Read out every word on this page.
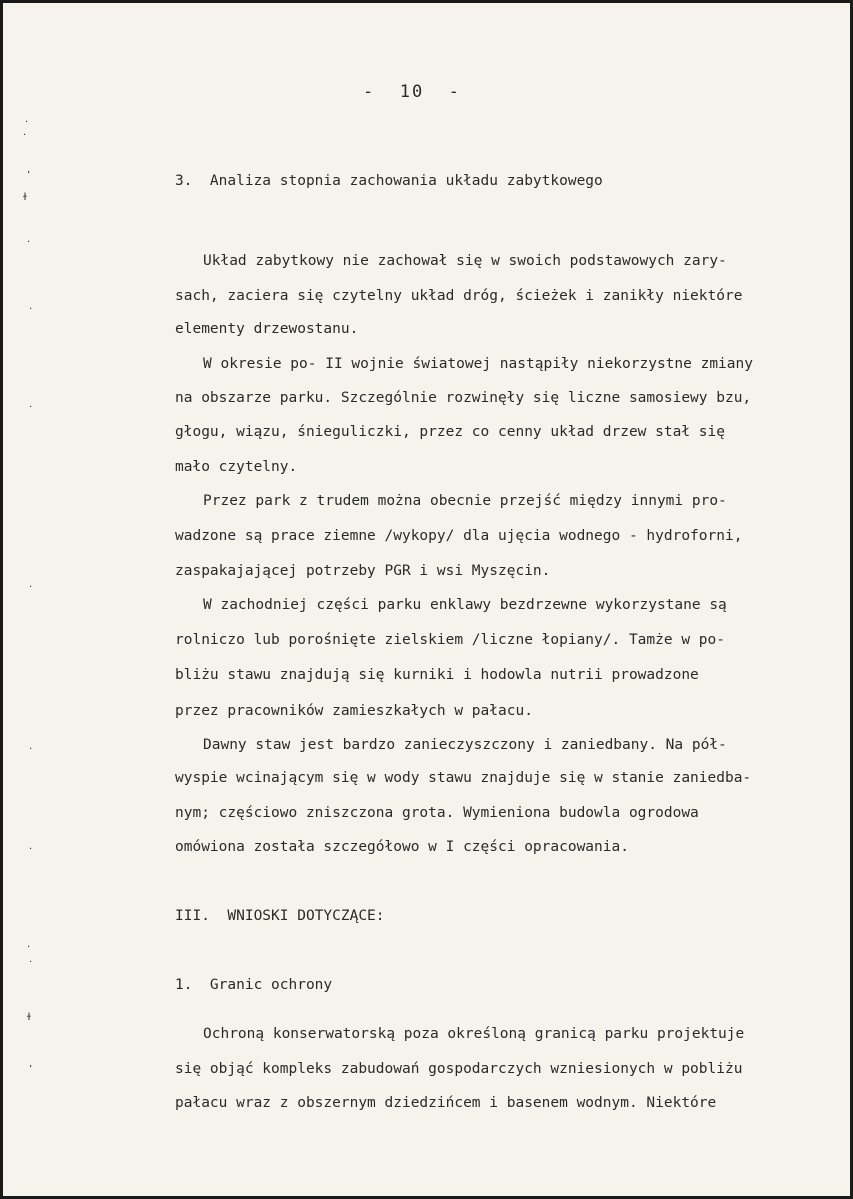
-  10  -
3.  Analiza stopnia zachowania układu zabytkowego
Układ zabytkowy nie zachował się w swoich podstawowych zary-
sach, zaciera się czytelny układ dróg, ścieżek i zanikły niektóre
elementy drzewostanu.
W okresie po- II wojnie światowej nastąpiły niekorzystne zmiany
na obszarze parku. Szczególnie rozwinęły się liczne samosiewy bzu,
głogu, wiązu, śnieguliczki, przez co cenny układ drzew stał się
mało czytelny.
Przez park z trudem można obecnie przejść między innymi pro-
wadzone są prace ziemne /wykopy/ dla ujęcia wodnego - hydroforni,
zaspakajającej potrzeby PGR i wsi Myszęcin.
W zachodniej części parku enklawy bezdrzewne wykorzystane są
rolniczo lub porośnięte zielskiem /liczne łopiany/. Tamże w po-
bliżu stawu znajdują się kurniki i hodowla nutrii prowadzone
przez pracowników zamieszkałych w pałacu.
Dawny staw jest bardzo zanieczyszczony i zaniedbany. Na pół-
wyspie wcinającym się w wody stawu znajduje się w stanie zaniedba-
nym; częściowo zniszczona grota. Wymieniona budowla ogrodowa
omówiona została szczegółowo w I części opracowania.
III.  WNIOSKI DOTYCZĄCE:
1.  Granic ochrony
Ochroną konserwatorską poza określoną granicą parku projektuje
się objąć kompleks zabudowań gospodarczych wzniesionych w pobliżu
pałacu wraz z obszernym dziedzińcem i basenem wodnym. Niektóre
·
·
’
ɫ
·
·
·
·
·
·
·
·
ɫ
’
